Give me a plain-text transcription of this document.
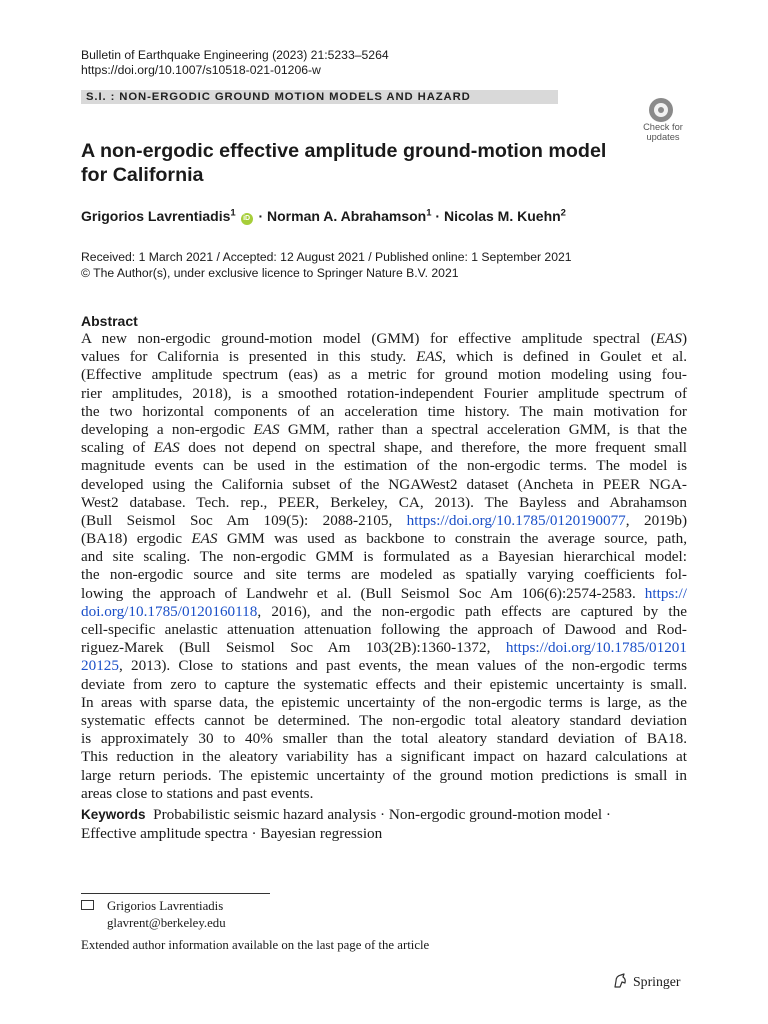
Bulletin of Earthquake Engineering (2023) 21:5233–5264
https://doi.org/10.1007/s10518-021-01206-w
S.I. : NON-ERGODIC GROUND MOTION MODELS AND HAZARD
Check for
updates
A non-ergodic effective amplitude ground-motion model
for California
Grigorios Lavrentiadis$^1$ iD · Norman A. Abrahamson$^1$ · Nicolas M. Kuehn$^2$
Received: 1 March 2021 / Accepted: 12 August 2021 / Published online: 1 September 2021
© The Author(s), under exclusive licence to Springer Nature B.V. 2021
Abstract
A new non-ergodic ground-motion model (GMM) for effective amplitude spectral (EAS)
values for California is presented in this study. EAS, which is defined in Goulet et al.
(Effective amplitude spectrum (eas) as a metric for ground motion modeling using fou-
rier amplitudes, 2018), is a smoothed rotation-independent Fourier amplitude spectrum of
the two horizontal components of an acceleration time history. The main motivation for
developing a non-ergodic EAS GMM, rather than a spectral acceleration GMM, is that the
scaling of EAS does not depend on spectral shape, and therefore, the more frequent small
magnitude events can be used in the estimation of the non-ergodic terms. The model is
developed using the California subset of the NGAWest2 dataset (Ancheta in PEER NGA-
West2 database. Tech. rep., PEER, Berkeley, CA, 2013). The Bayless and Abrahamson
(Bull Seismol Soc Am 109(5): 2088-2105, https://doi.org/10.1785/0120190077, 2019b)
(BA18) ergodic EAS GMM was used as backbone to constrain the average source, path,
and site scaling. The non-ergodic GMM is formulated as a Bayesian hierarchical model:
the non-ergodic source and site terms are modeled as spatially varying coefficients fol-
lowing the approach of Landwehr et al. (Bull Seismol Soc Am 106(6):2574-2583. https://
doi.org/10.1785/0120160118, 2016), and the non-ergodic path effects are captured by the
cell-specific anelastic attenuation attenuation following the approach of Dawood and Rod-
riguez-Marek (Bull Seismol Soc Am 103(2B):1360-1372, https://doi.org/10.1785/01201
20125, 2013). Close to stations and past events, the mean values of the non-ergodic terms
deviate from zero to capture the systematic effects and their epistemic uncertainty is small.
In areas with sparse data, the epistemic uncertainty of the non-ergodic terms is large, as the
systematic effects cannot be determined. The non-ergodic total aleatory standard deviation
is approximately 30 to 40% smaller than the total aleatory standard deviation of BA18.
This reduction in the aleatory variability has a significant impact on hazard calculations at
large return periods. The epistemic uncertainty of the ground motion predictions is small in
areas close to stations and past events.
Keywords Probabilistic seismic hazard analysis · Non-ergodic ground-motion model ·
Effective amplitude spectra · Bayesian regression
Grigorios Lavrentiadis
glavrent@berkeley.edu
Extended author information available on the last page of the article
Springer
